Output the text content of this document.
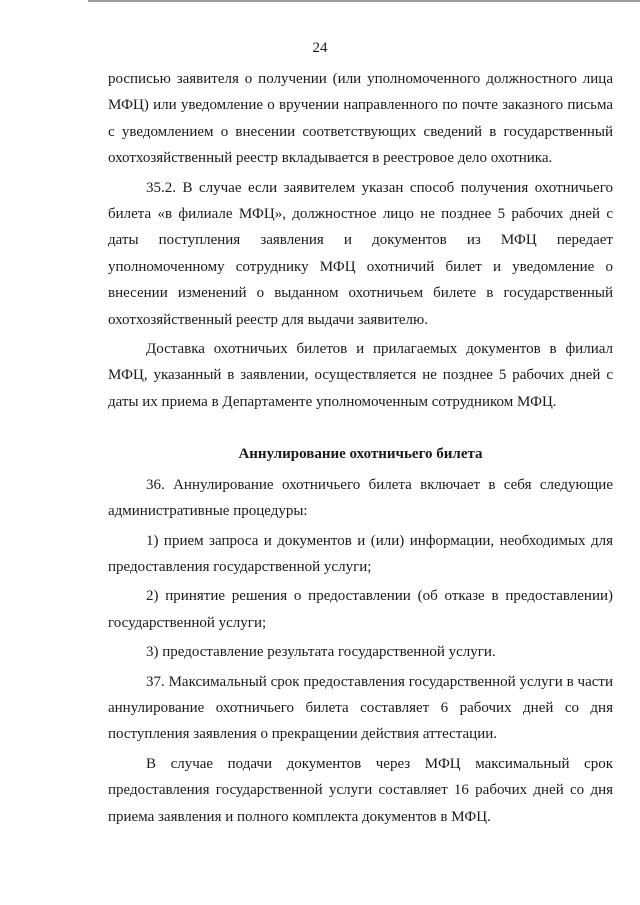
24

росписью заявителя о получении (или уполномоченного должностного лица МФЦ) или уведомление о вручении направленного по почте заказного письма с уведомлением о внесении соответствующих сведений в государственный охотхозяйственный реестр вкладывается в реестровое дело охотника.

35.2. В случае если заявителем указан способ получения охотничьего билета «в филиале МФЦ», должностное лицо не позднее 5 рабочих дней с даты поступления заявления и документов из МФЦ передает уполномоченному сотруднику МФЦ охотничий билет и уведомление о внесении изменений о выданном охотничьем билете в государственный охотхозяйственный реестр для выдачи заявителю.

Доставка охотничьих билетов и прилагаемых документов в филиал МФЦ, указанный в заявлении, осуществляется не позднее 5 рабочих дней с даты их приема в Департаменте уполномоченным сотрудником МФЦ.

Аннулирование охотничьего билета

36. Аннулирование охотничьего билета включает в себя следующие административные процедуры:

1) прием запроса и документов и (или) информации, необходимых для предоставления государственной услуги;

2) принятие решения о предоставлении (об отказе в предоставлении) государственной услуги;

3) предоставление результата государственной услуги.

37. Максимальный срок предоставления государственной услуги в части аннулирование охотничьего билета составляет 6 рабочих дней со дня поступления заявления о прекращении действия аттестации.

В случае подачи документов через МФЦ максимальный срок предоставления государственной услуги составляет 16 рабочих дней со дня приема заявления и полного комплекта документов в МФЦ.
